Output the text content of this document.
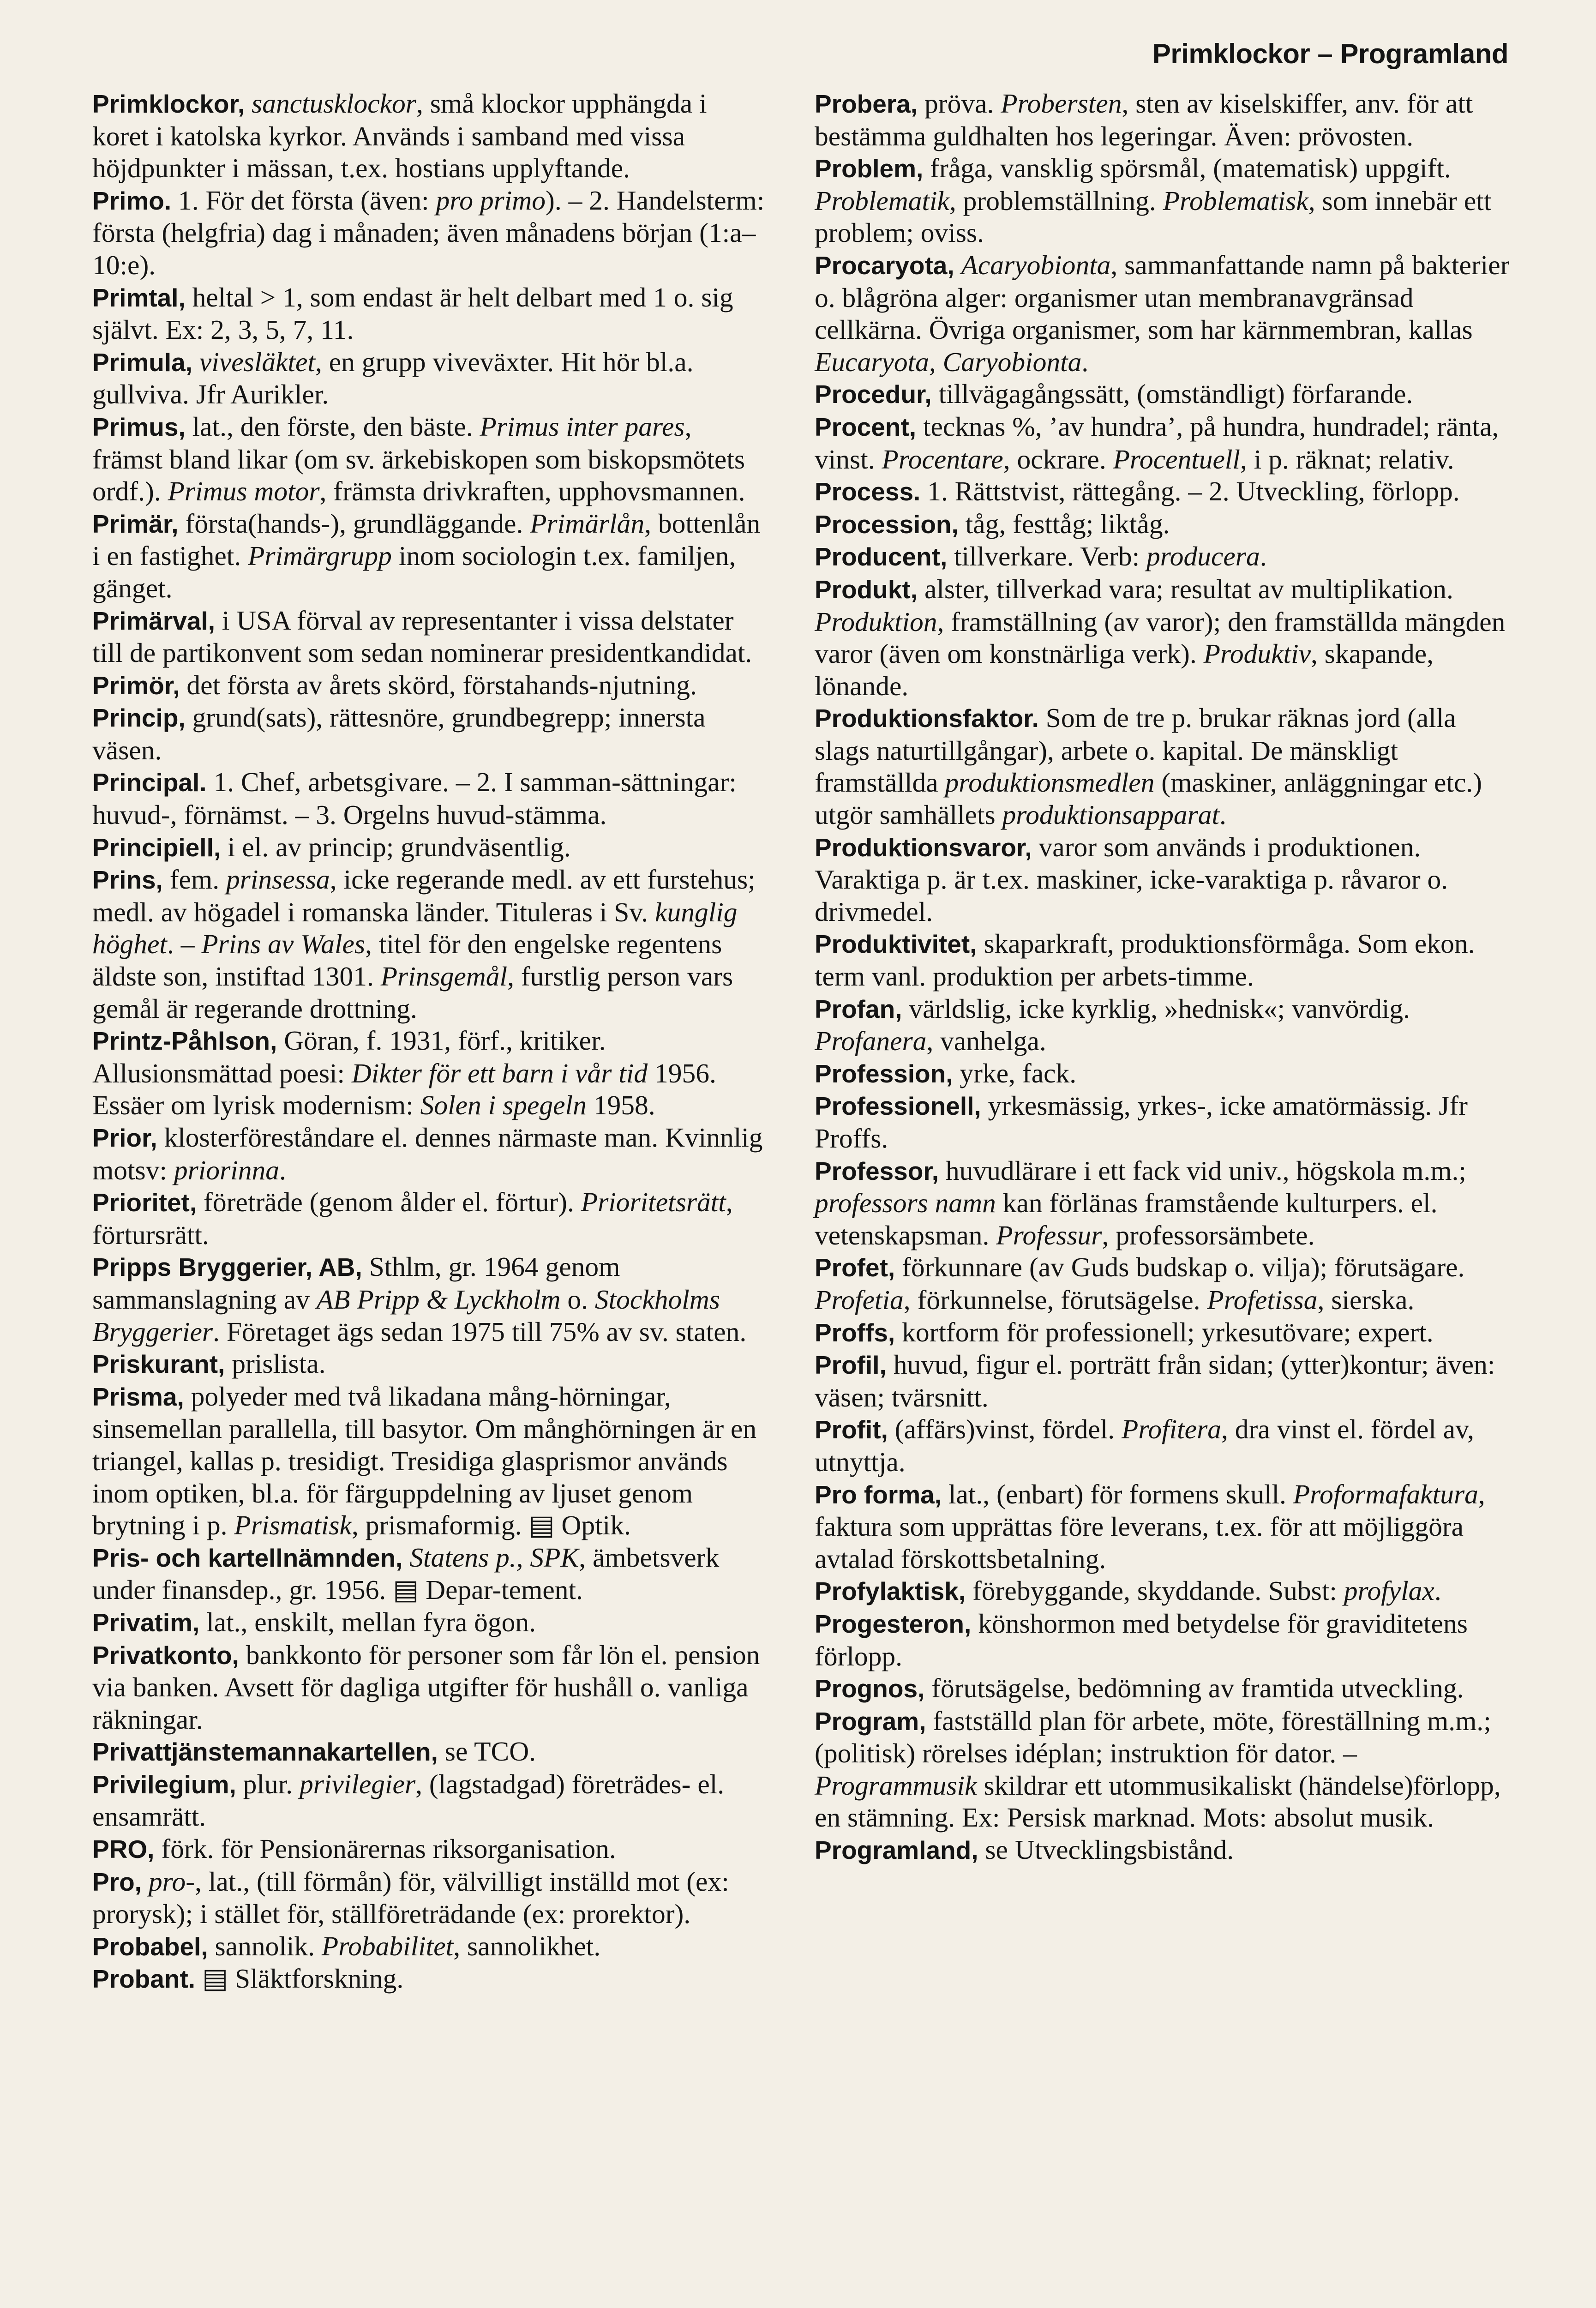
Primklockor – Programland

Primklockor, sanctusklockor, små klockor upphängda i koret i katolska kyrkor. Används i samband med vissa höjdpunkter i mässan, t.ex. hostians upplyftande.

Primo. 1. För det första (även: pro primo). – 2. Handelsterm: första (helgfria) dag i månaden; även månadens början (1:a–10:e).

Primtal, heltal > 1, som endast är helt delbart med 1 o. sig självt. Ex: 2, 3, 5, 7, 11.

Primula, vivesläktet, en grupp viveväxter. Hit hör bl.a. gullviva. Jfr Aurikler.

Primus, lat., den förste, den bäste. Primus inter pares, främst bland likar (om sv. ärkebiskopen som biskopsmötets ordf.). Primus motor, främsta drivkraften, upphovsmannen.

Primär, första(hands-), grundläggande. Primärlån, bottenlån i en fastighet. Primärgrupp inom sociologin t.ex. familjen, gänget.

Primärval, i USA förval av representanter i vissa delstater till de partikonvent som sedan nominerar presidentkandidat.

Primör, det första av årets skörd, förstahands-njutning.

Princip, grund(sats), rättesnöre, grundbegrepp; innersta väsen.

Principal. 1. Chef, arbetsgivare. – 2. I samman-sättningar: huvud-, förnämst. – 3. Orgelns huvud-stämma.

Principiell, i el. av princip; grundväsentlig.

Prins, fem. prinsessa, icke regerande medl. av ett furstehus; medl. av högadel i romanska länder. Tituleras i Sv. kunglig höghet. – Prins av Wales, titel för den engelske regentens äldste son, instiftad 1301. Prinsgemål, furstlig person vars gemål är regerande drottning.

Printz-Påhlson, Göran, f. 1931, förf., kritiker. Allusionsmättad poesi: Dikter för ett barn i vår tid 1956. Essäer om lyrisk modernism: Solen i spegeln 1958.

Prior, klosterföreståndare el. dennes närmaste man. Kvinnlig motsv: priorinna.

Prioritet, företräde (genom ålder el. förtur). Prioritetsrätt, förtursrätt.

Pripps Bryggerier, AB, Sthlm, gr. 1964 genom sammanslagning av AB Pripp & Lyckholm o. Stockholms Bryggerier. Företaget ägs sedan 1975 till 75% av sv. staten.

Priskurant, prislista.

Prisma, polyeder med två likadana mång-hörningar, sinsemellan parallella, till basytor. Om månghörningen är en triangel, kallas p. tresidigt. Tresidiga glasprismor används inom optiken, bl.a. för färguppdelning av ljuset genom brytning i p. Prismatisk, prismaformig. ▤ Optik.

Pris- och kartellnämnden, Statens p., SPK, ämbetsverk under finansdep., gr. 1956. ▤ Depar-tement.

Privatim, lat., enskilt, mellan fyra ögon.

Privatkonto, bankkonto för personer som får lön el. pension via banken. Avsett för dagliga utgifter för hushåll o. vanliga räkningar.

Privattjänstemannakartellen, se TCO.

Privilegium, plur. privilegier, (lagstadgad) företrädes- el. ensamrätt.

PRO, förk. för Pensionärernas riksorganisation.

Pro, pro-, lat., (till förmån) för, välvilligt inställd mot (ex: prorysk); i stället för, ställföreträdande (ex: prorektor).

Probabel, sannolik. Probabilitet, sannolikhet.

Probant. ▤ Släktforskning.

Probera, pröva. Probersten, sten av kiselskiffer, anv. för att bestämma guldhalten hos legeringar. Även: prövosten.

Problem, fråga, vansklig spörsmål, (matematisk) uppgift. Problematik, problemställning. Problematisk, som innebär ett problem; oviss.

Procaryota, Acaryobionta, sammanfattande namn på bakterier o. blågröna alger: organismer utan membranavgränsad cellkärna. Övriga organismer, som har kärnmembran, kallas Eucaryota, Caryobionta.

Procedur, tillvägagångssätt, (omständligt) förfarande.

Procent, tecknas %, ’av hundra’, på hundra, hundradel; ränta, vinst. Procentare, ockrare. Procentuell, i p. räknat; relativ.

Process. 1. Rättstvist, rättegång. – 2. Utveckling, förlopp.

Procession, tåg, festtåg; liktåg.

Producent, tillverkare. Verb: producera.

Produkt, alster, tillverkad vara; resultat av multiplikation. Produktion, framställning (av varor); den framställda mängden varor (även om konstnärliga verk). Produktiv, skapande, lönande.

Produktionsfaktor. Som de tre p. brukar räknas jord (alla slags naturtillgångar), arbete o. kapital. De mänskligt framställda produktionsmedlen (maskiner, anläggningar etc.) utgör samhällets produktionsapparat.

Produktionsvaror, varor som används i produktionen. Varaktiga p. är t.ex. maskiner, icke-varaktiga p. råvaror o. drivmedel.

Produktivitet, skaparkraft, produktionsförmåga. Som ekon. term vanl. produktion per arbets-timme.

Profan, världslig, icke kyrklig, »hednisk«; vanvördig. Profanera, vanhelga.

Profession, yrke, fack.

Professionell, yrkesmässig, yrkes-, icke amatörmässig. Jfr Proffs.

Professor, huvudlärare i ett fack vid univ., högskola m.m.; professors namn kan förlänas framstående kulturpers. el. vetenskapsman. Professur, professorsämbete.

Profet, förkunnare (av Guds budskap o. vilja); förutsägare. Profetia, förkunnelse, förutsägelse. Profetissa, sierska.

Proffs, kortform för professionell; yrkesutövare; expert.

Profil, huvud, figur el. porträtt från sidan; (ytter)kontur; även: väsen; tvärsnitt.

Profit, (affärs)vinst, fördel. Profitera, dra vinst el. fördel av, utnyttja.

Pro forma, lat., (enbart) för formens skull. Proformafaktura, faktura som upprättas före leverans, t.ex. för att möjliggöra avtalad förskottsbetalning.

Profylaktisk, förebyggande, skyddande. Subst: profylax.

Progesteron, könshormon med betydelse för graviditetens förlopp.

Prognos, förutsägelse, bedömning av framtida utveckling.

Program, fastställd plan för arbete, möte, föreställning m.m.; (politisk) rörelses idéplan; instruktion för dator. – Programmusik skildrar ett utommusikaliskt (händelse)förlopp, en stämning. Ex: Persisk marknad. Mots: absolut musik.

Programland, se Utvecklingsbistånd.
